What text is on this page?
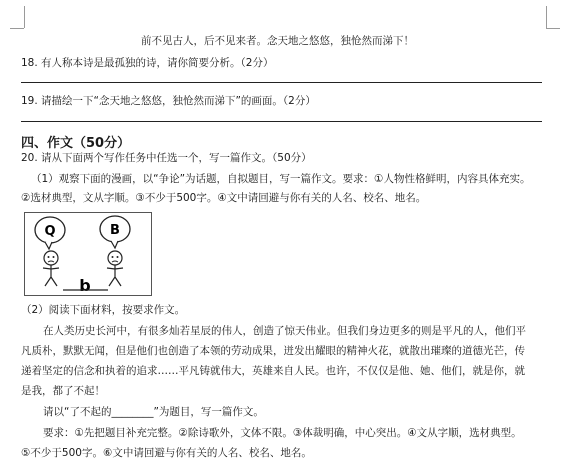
前不见古人，后不见来者。念天地之悠悠，独怆然而涕下！
18. 有人称本诗是最孤独的诗，请你简要分析。（2分）
19. 请描绘一下“念天地之悠悠，独怆然而涕下”的画面。（2分）
四、作文（50分）
20. 请从下面两个写作任务中任选一个，写一篇作文。（50分）
（1）观察下面的漫画，以“争论”为话题，自拟题目，写一篇作文。要求：①人物性格鲜明，内容具体充实。
②选材典型，文从字顺。③不少于500字。④文中请回避与你有关的人名、校名、地名。
Q	B
b
（2）阅读下面材料，按要求作文。
在人类历史长河中，有很多灿若星辰的伟人，创造了惊天伟业。但我们身边更多的则是平凡的人，他们平
凡质朴，默默无闻，但是他们也创造了本领的劳动成果，迸发出耀眼的精神火花，就散出璀璨的道德光芒，传
递着坚定的信念和执着的追求……平凡铸就伟大，英雄来自人民。也许，不仅仅是他、她、他们，就是你，就
是我，都了不起！
请以“了不起的________”为题目，写一篇作文。
要求：①先把题目补充完整。②除诗歌外，文体不限。③体裁明确，中心突出。④文从字顺，选材典型。
⑤不少于500字。⑥文中请回避与你有关的人名、校名、地名。
